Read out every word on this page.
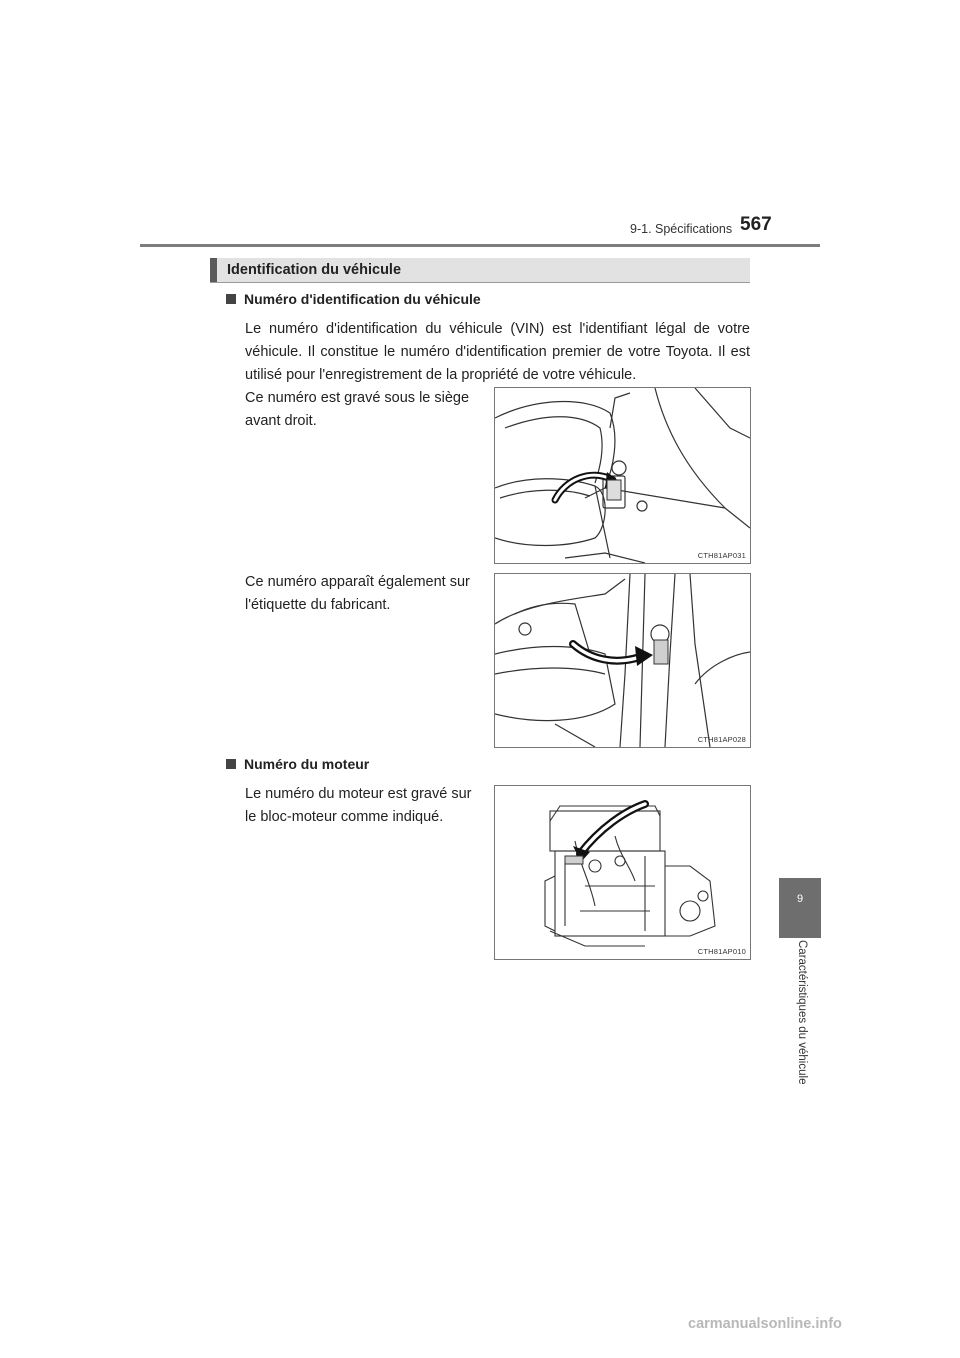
9-1. Spécifications 567
Identification du véhicule
Numéro d'identification du véhicule
Le numéro d'identification du véhicule (VIN) est l'identifiant légal de votre véhicule. Il constitue le numéro d'identification premier de votre Toyota. Il est utilisé pour l'enregistrement de la propriété de votre véhicule.
Ce numéro est gravé sous le siège
avant droit.
CTH81AP031
Ce numéro apparaît également sur
l'étiquette du fabricant.
CTH81AP028
Numéro du moteur
Le numéro du moteur est gravé sur
le bloc-moteur comme indiqué.
CTH81AP010
9
Caractéristiques du véhicule
carmanualsonline.info
